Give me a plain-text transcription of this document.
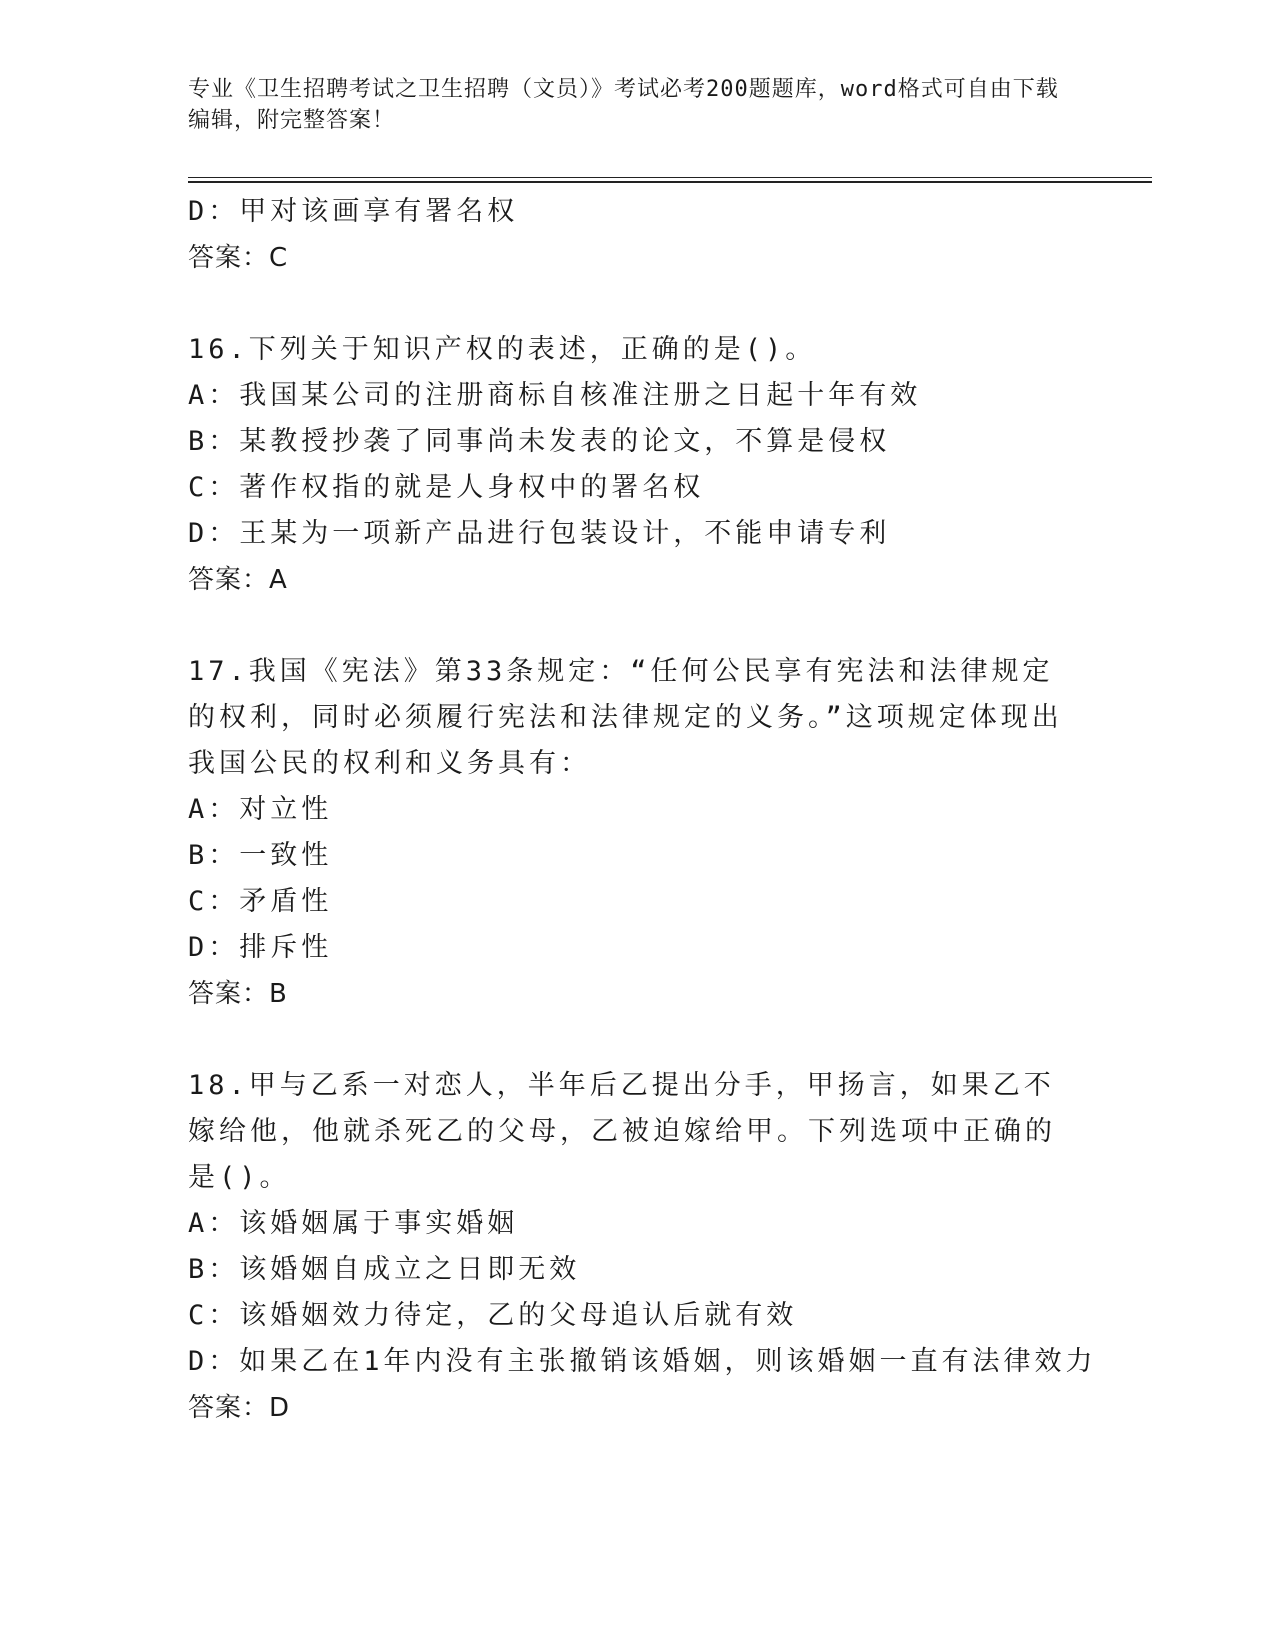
专业《卫生招聘考试之卫生招聘（文员）》考试必考200题题库，word格式可自由下载编辑，附完整答案！
D：甲对该画享有署名权
答案：C
16.下列关于知识产权的表述，正确的是()。
A：我国某公司的注册商标自核准注册之日起十年有效
B：某教授抄袭了同事尚未发表的论文，不算是侵权
C：著作权指的就是人身权中的署名权
D：王某为一项新产品进行包装设计，不能申请专利
答案：A
17.我国《宪法》第33条规定：“任何公民享有宪法和法律规定的权利，同时必须履行宪法和法律规定的义务。”这项规定体现出我国公民的权利和义务具有：
A：对立性
B：一致性
C：矛盾性
D：排斥性
答案：B
18.甲与乙系一对恋人，半年后乙提出分手，甲扬言，如果乙不嫁给他，他就杀死乙的父母，乙被迫嫁给甲。下列选项中正确的是()。
A：该婚姻属于事实婚姻
B：该婚姻自成立之日即无效
C：该婚姻效力待定，乙的父母追认后就有效
D：如果乙在1年内没有主张撤销该婚姻，则该婚姻一直有法律效力
答案：D
